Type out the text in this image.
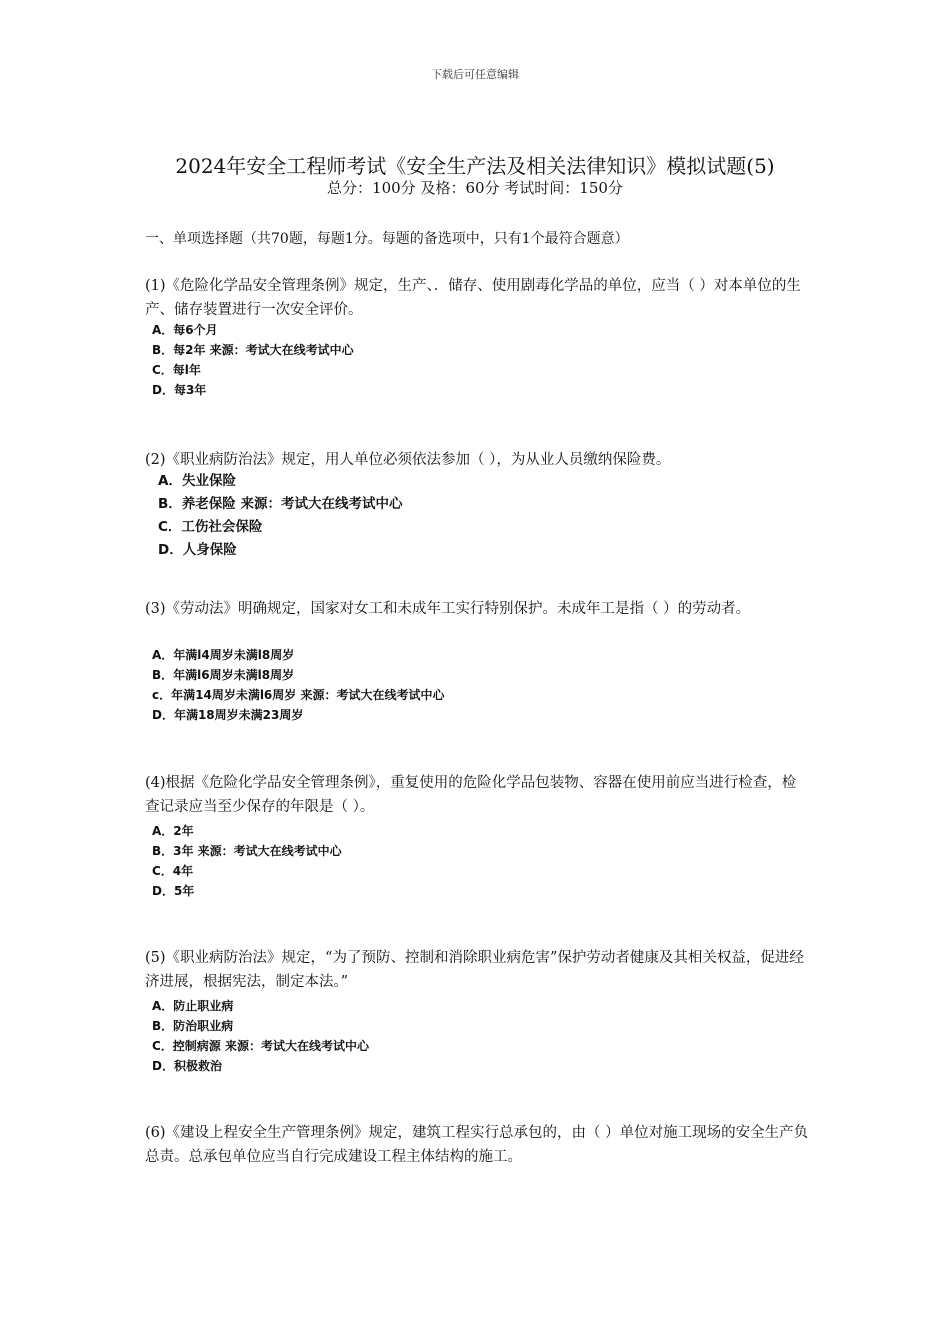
下载后可任意编辑
2024年安全工程师考试《安全生产法及相关法律知识》模拟试题(5)
总分：100分 及格：60分 考试时间：150分
一、单项选择题（共70题，每题1分。每题的备选项中，只有1个最符合题意）
(1)《危险化学品安全管理条例》规定，生产、．储存、使用剧毒化学品的单位，应当（ ）对本单位的生产、储存装置进行一次安全评价。
A．每6个月
B．每2年 来源：考试大在线考试中心
C．每l年
D．每3年
(2)《职业病防治法》规定，用人单位必须依法参加（ ），为从业人员缴纳保险费。
A．失业保险
B．养老保险 来源：考试大在线考试中心
C．工伤社会保险
D．人身保险
(3)《劳动法》明确规定，国家对女工和未成年工实行特别保护。未成年工是指（ ）的劳动者。
A．年满l4周岁未满l8周岁
B．年满l6周岁未满l8周岁
c．年满14周岁未满l6周岁 来源：考试大在线考试中心
D．年满18周岁未满23周岁
(4)根据《危险化学品安全管理条例》，重复使用的危险化学品包装物、容器在使用前应当进行检查，检查记录应当至少保存的年限是（ ）。
A．2年
B．3年 来源：考试大在线考试中心
C．4年
D．5年
(5)《职业病防治法》规定，“为了预防、控制和消除职业病危害”保护劳动者健康及其相关权益，促进经济进展，根据宪法，制定本法。”
A．防止职业病
B．防治职业病
C．控制病源 来源：考试大在线考试中心
D．积极救治
(6)《建设上程安全生产管理条例》规定，建筑工程实行总承包的，由（ ）单位对施工现场的安全生产负总责。总承包单位应当自行完成建设工程主体结构的施工。
